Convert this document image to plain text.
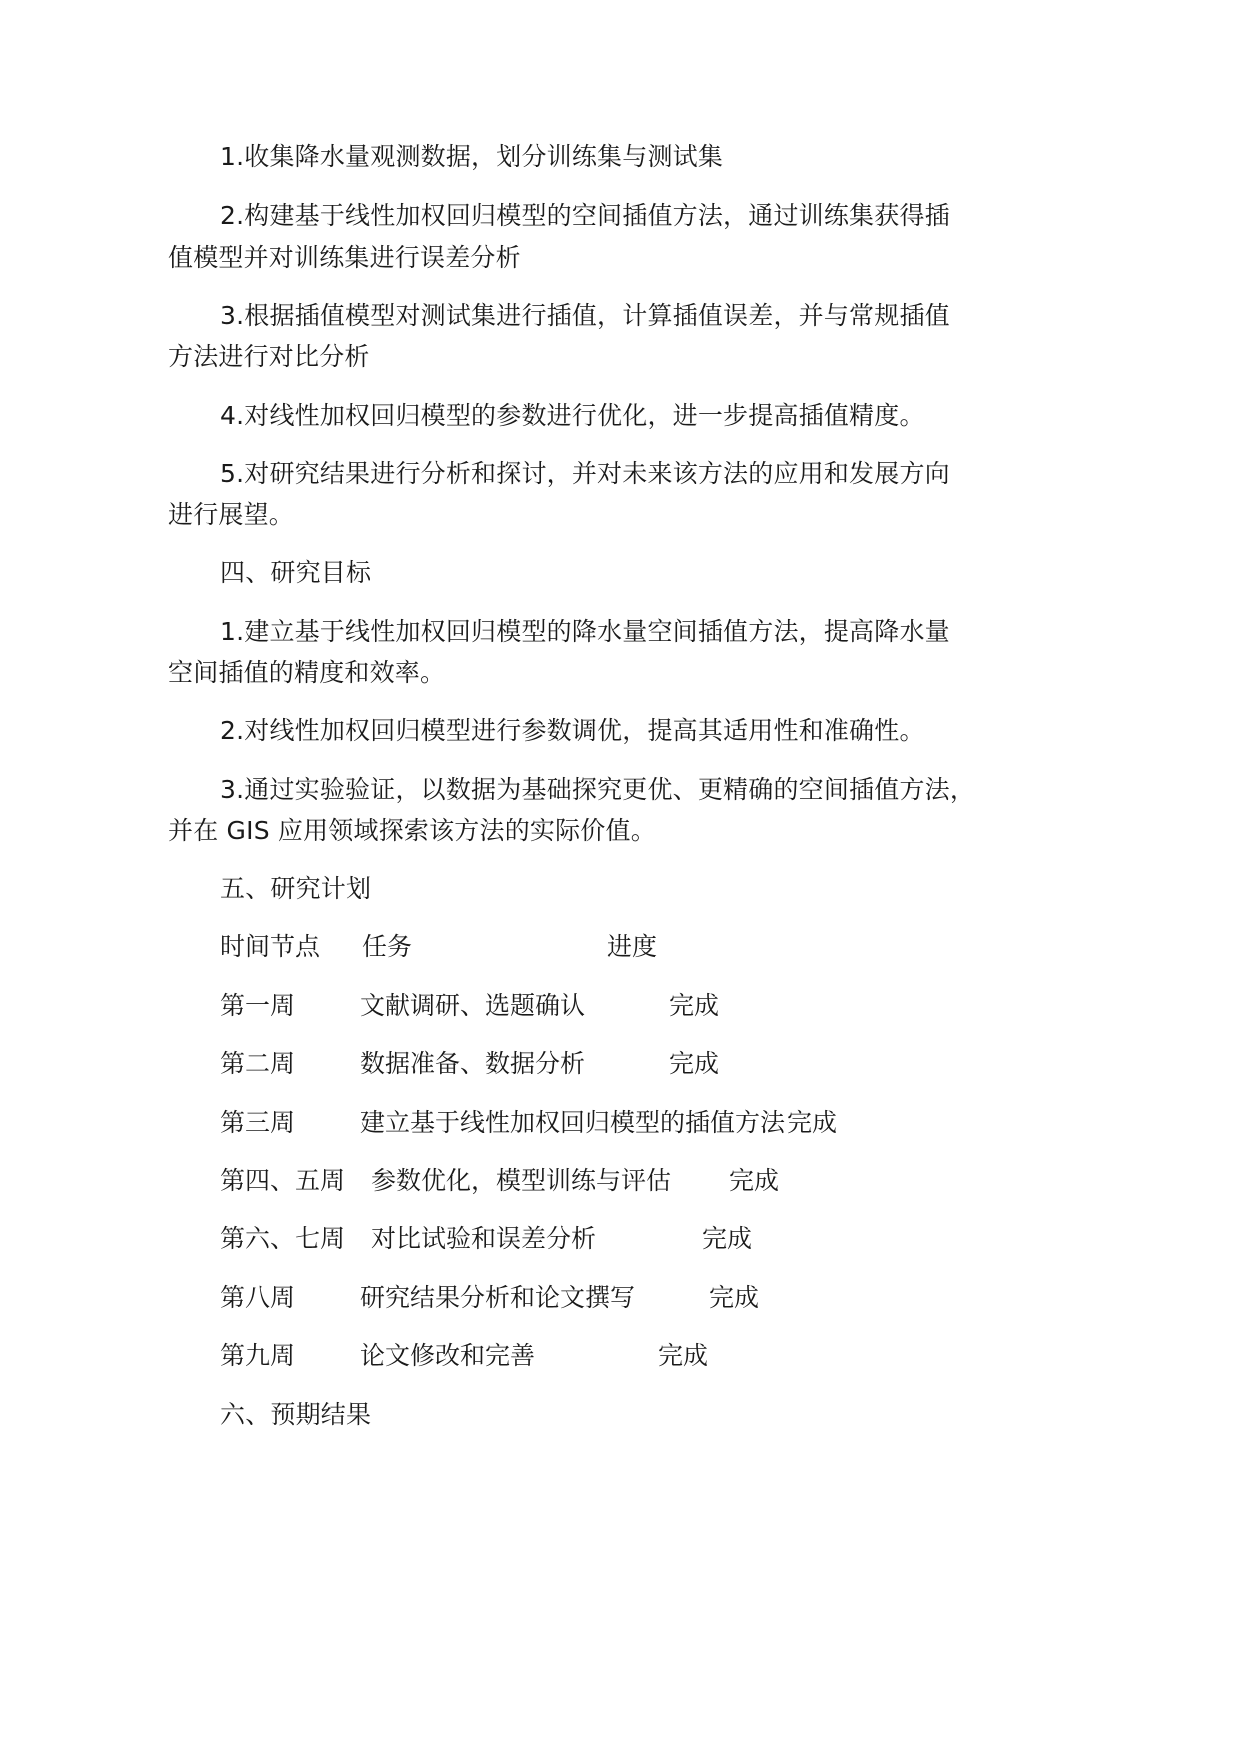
1.收集降水量观测数据，划分训练集与测试集
2.构建基于线性加权回归模型的空间插值方法，通过训练集获得插
值模型并对训练集进行误差分析
3.根据插值模型对测试集进行插值，计算插值误差，并与常规插值
方法进行对比分析
4.对线性加权回归模型的参数进行优化，进一步提高插值精度。
5.对研究结果进行分析和探讨，并对未来该方法的应用和发展方向
进行展望。
四、研究目标
1.建立基于线性加权回归模型的降水量空间插值方法，提高降水量
空间插值的精度和效率。
2.对线性加权回归模型进行参数调优，提高其适用性和准确性。
3.通过实验验证，以数据为基础探究更优、更精确的空间插值方法，
并在 GIS 应用领域探索该方法的实际价值。
五、研究计划
时间节点 任务	进度
第一周	文献调研、选题确认	完成
第二周	数据准备、数据分析	完成
第三周	建立基于线性加权回归模型的插值方法 完成
第四、五周 参数优化，模型训练与评估 完成
第六、七周 对比试验和误差分析	完成
第八周	研究结果分析和论文撰写	完成
第九周	论文修改和完善	完成
六、预期结果
